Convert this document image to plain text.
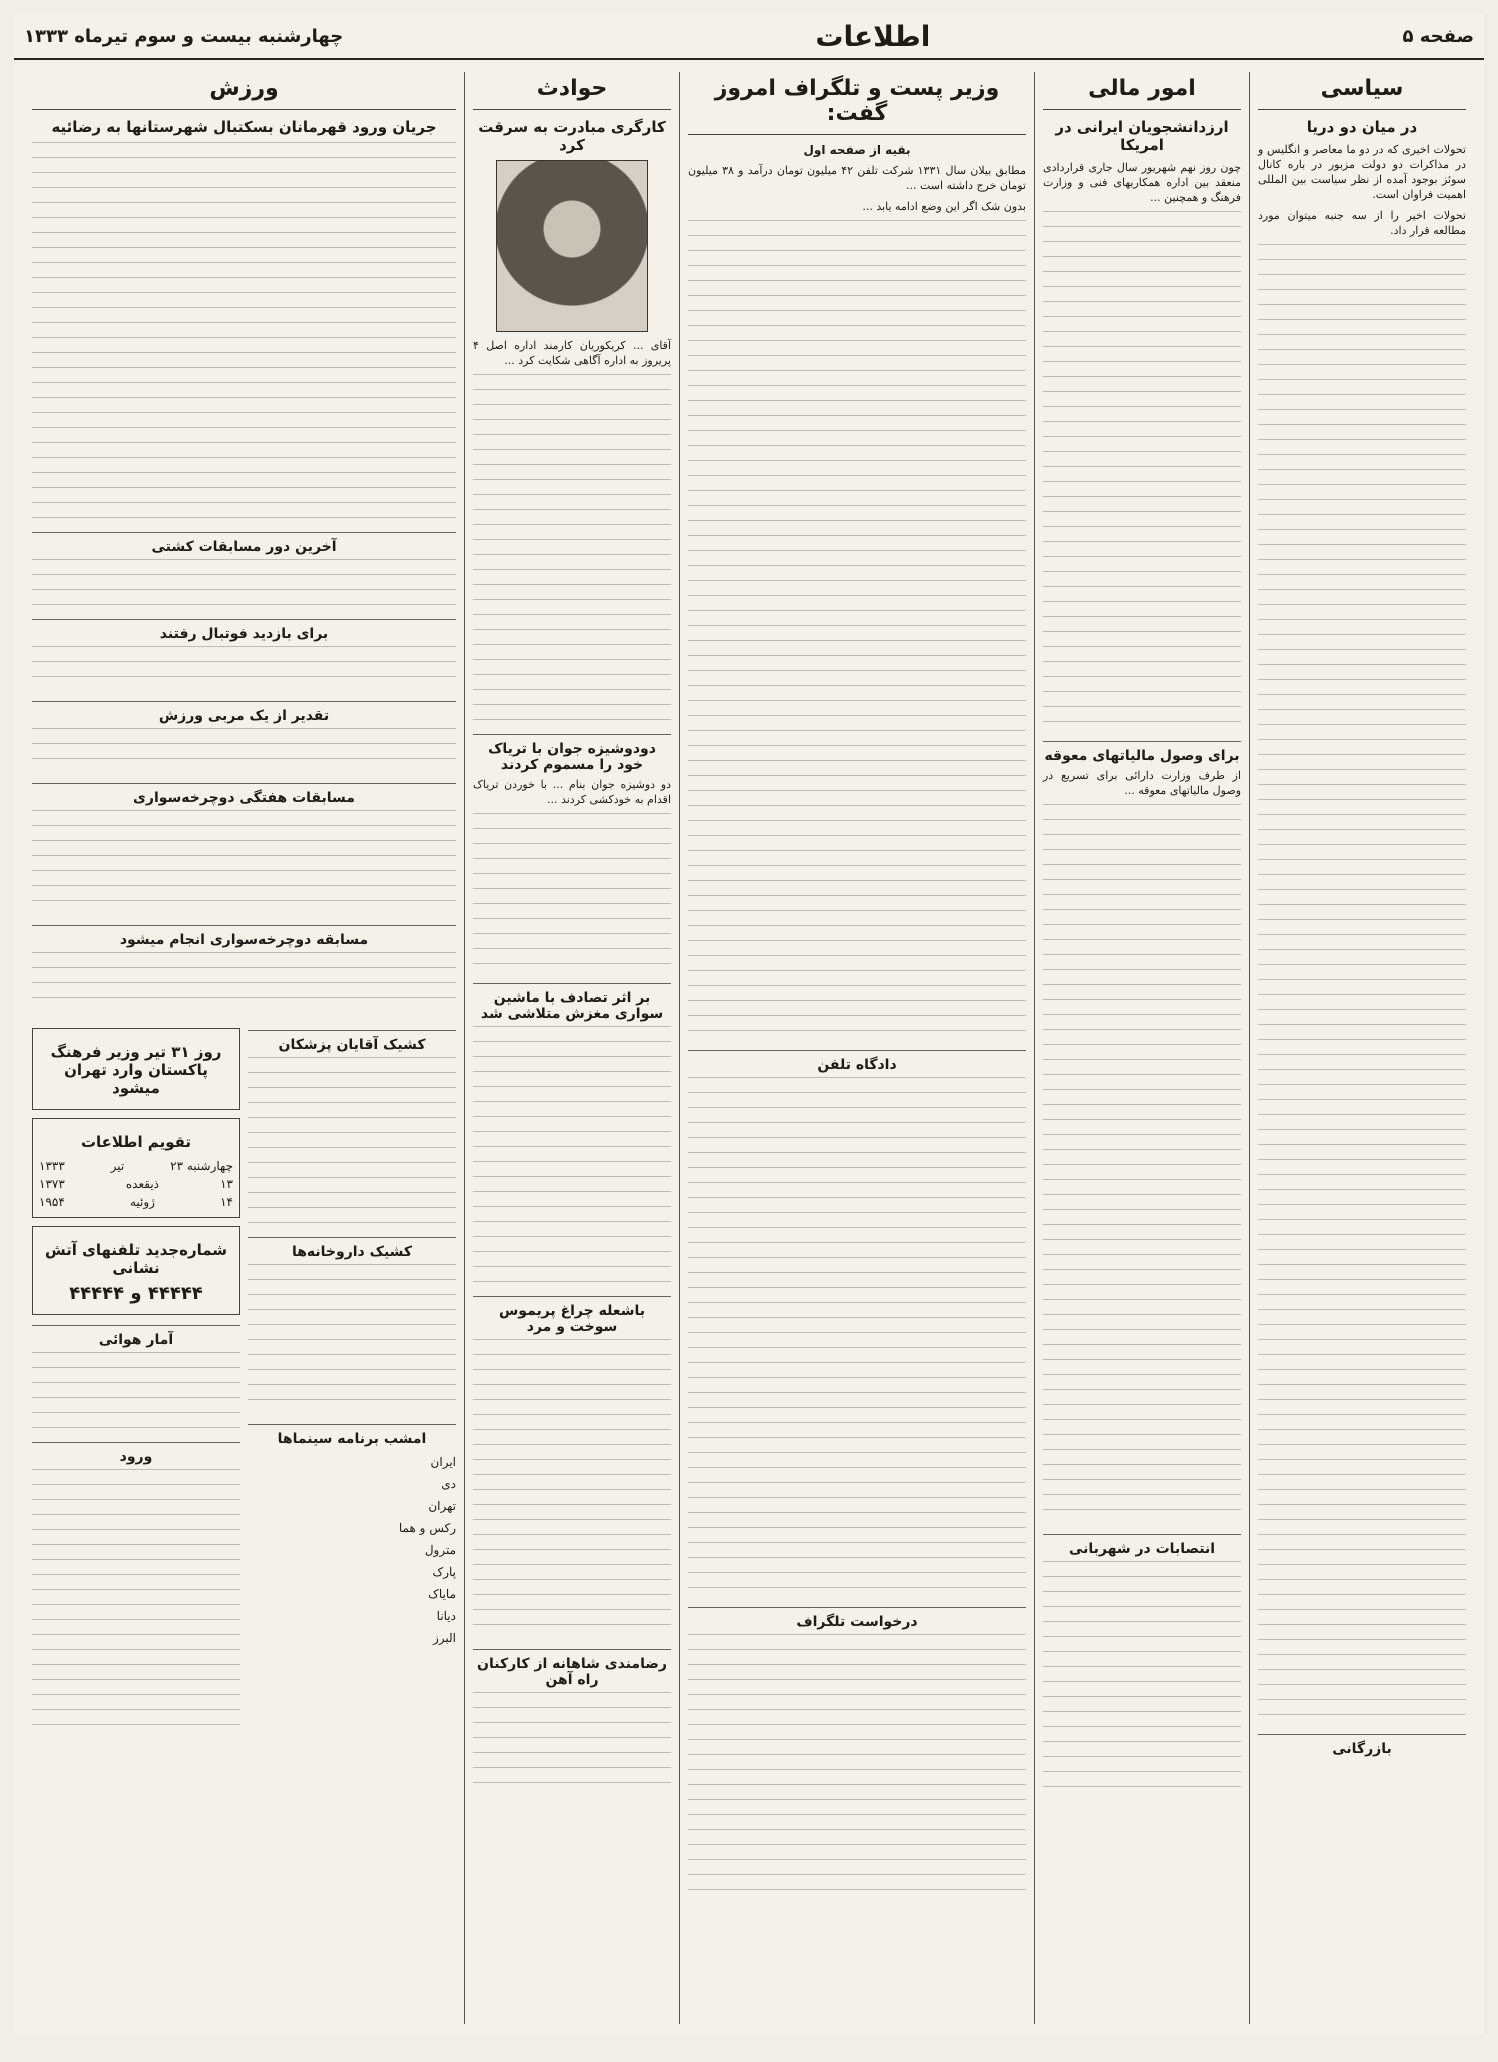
صفحه ۵
اطلاعات
چهارشنبه بیست و سوم تیرماه ۱۳۳۳
سیاسی
در میان دو دریا

تحولات اخیری که در دو ما معاصر و انگلیس و در مذاکرات دو دولت مزبور در باره کانال سوئز بوجود آمده از نظر سیاست بین المللی اهمیت فراوان است.

تحولات اخیر را از سه جنبه میتوان مورد مطالعه قرار داد.

بازرگانی
امور مالی
ارزدانشجویان ایرانی در امریکا

چون روز نهم شهریور سال جاری قراردادی منعقد بین اداره همکاریهای فنی و وزارت فرهنگ و همچنین ...

برای وصول مالیاتهای معوقه

از طرف وزارت دارائی برای تسریع در وصول مالیاتهای معوقه ...

انتصابات در شهربانی
وزیر پست و تلگراف امروز گفت:
بقیه از صفحه اول

مطابق بیلان سال ۱۳۳۱ شرکت تلفن ۴۲ میلیون تومان درآمد و ۳۸ میلیون تومان خرج داشته است ...

بدون شک اگر این وضع ادامه یابد ...

دادگاه تلفن
درخواست تلگراف
حوادث
کارگری مبادرت به سرقت کرد

آقای ... کریکوریان کارمند اداره اصل ۴ پریروز به اداره آگاهی شکایت کرد ...

دودوشیزه جوان با تریاک خود را مسموم کردند

دو دوشیزه جوان بنام ... با خوردن تریاک اقدام به خودکشی کردند ...

بر اثر تصادف با ماشین سواری مغزش متلاشی شد
باشعله چراغ پریموس سوخت و مرد
رضامندی شاهانه از کارکنان راه آهن
ورزش
جریان ورود قهرمانان بسکتبال شهرستانها به رضائیه
آخرین دور مسابقات کشتی
برای بازدید فوتبال رفتند
تقدیر از یک مربی ورزش
مسابقات هفتگی دوچرخه‌سواری
مسابقه دوچرخه‌سواری انجام میشود
کشیک آقایان پزشکان
کشیک داروخانه‌ها
امشب برنامه سینماها
ایران
دی
تهران
رکس و هما
مترول
پارک
مایاک
دیانا
البرز
روز ۳۱ تیر وزیر فرهنگ پاکستان وارد تهران میشود
تقویم اطلاعات
چهارشنبه ۲۳
تیر
۱۳۳۳
۱۳
ذیقعده
۱۳۷۳
۱۴
ژوئیه
۱۹۵۴
شماره‌جدید تلفنهای آتش نشانی
۴۴۴۴۴ و ۴۴۴۴۴
آمار هوائی
ورود
